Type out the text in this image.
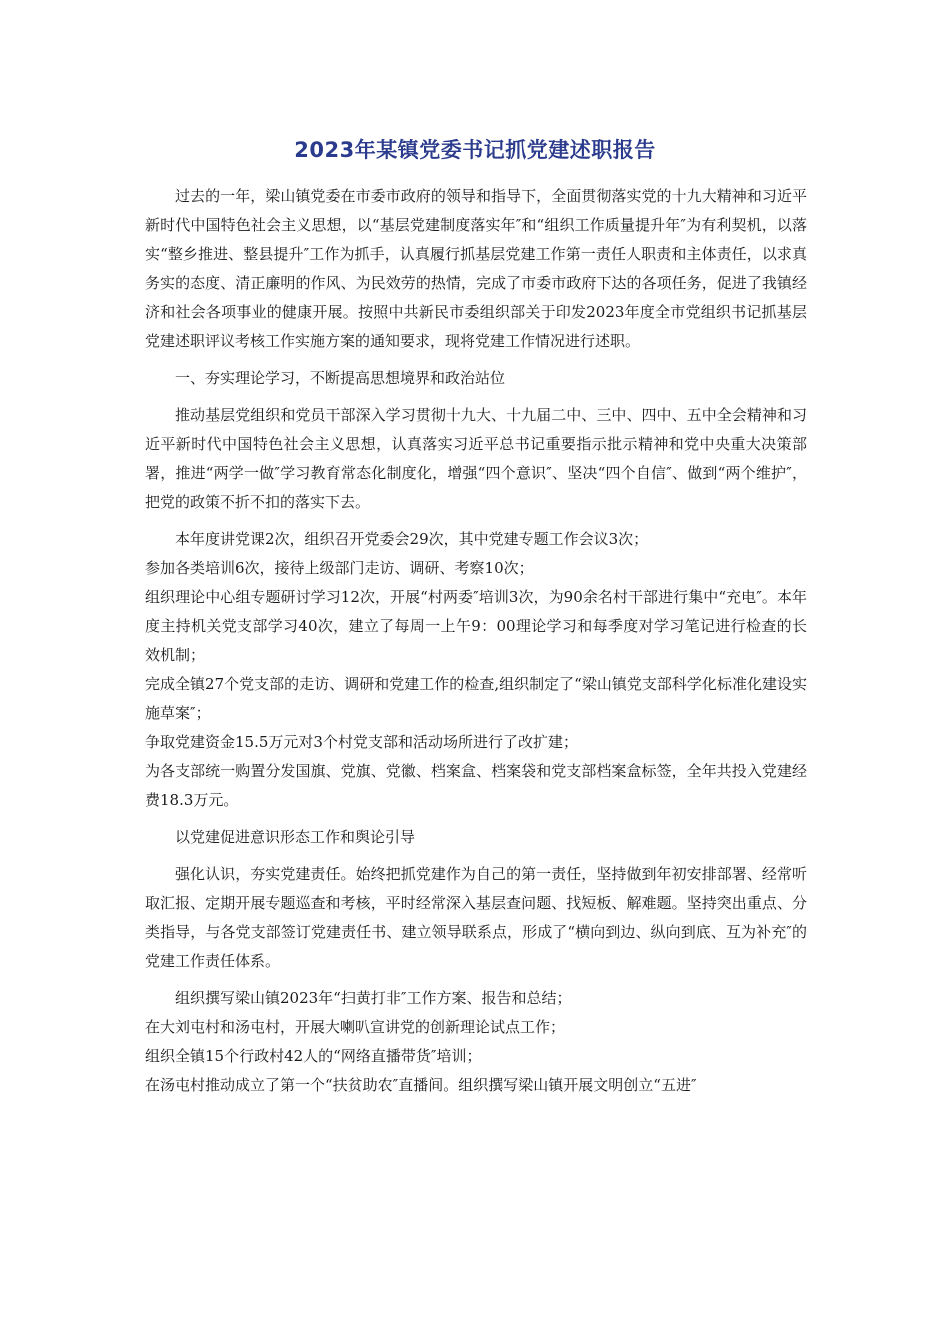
2023年某镇党委书记抓党建述职报告

过去的一年，梁山镇党委在市委市政府的领导和指导下，全面贯彻落实党的十九大精神和习近平新时代中国特色社会主义思想，以“基层党建制度落实年″和“组织工作质量提升年″为有利契机，以落实“整乡推进、整县提升″工作为抓手，认真履行抓基层党建工作第一责任人职责和主体责任，以求真务实的态度、清正廉明的作风、为民效劳的热情，完成了市委市政府下达的各项任务，促进了我镇经济和社会各项事业的健康开展。按照中共新民市委组织部关于印发2023年度全市党组织书记抓基层党建述职评议考核工作实施方案的通知要求，现将党建工作情况进行述职。

一、夯实理论学习，不断提高思想境界和政治站位

推动基层党组织和党员干部深入学习贯彻十九大、十九届二中、三中、四中、五中全会精神和习近平新时代中国特色社会主义思想，认真落实习近平总书记重要指示批示精神和党中央重大决策部署，推进“两学一做″学习教育常态化制度化，增强“四个意识″、坚决“四个自信″、做到“两个维护″，把党的政策不折不扣的落实下去。

本年度讲党课2次，组织召开党委会29次，其中党建专题工作会议3次；
参加各类培训6次，接待上级部门走访、调研、考察10次；
组织理论中心组专题研讨学习12次，开展“村两委″培训3次，为90余名村干部进行集中“充电″。本年度主持机关党支部学习40次，建立了每周一上午9：00理论学习和每季度对学习笔记进行检查的长效机制；
完成全镇27个党支部的走访、调研和党建工作的检查,组织制定了“梁山镇党支部科学化标准化建设实施草案″；
争取党建资金15.5万元对3个村党支部和活动场所进行了改扩建；
为各支部统一购置分发国旗、党旗、党徽、档案盒、档案袋和党支部档案盒标签，全年共投入党建经费18.3万元。

以党建促进意识形态工作和舆论引导

强化认识，夯实党建责任。始终把抓党建作为自己的第一责任，坚持做到年初安排部署、经常听取汇报、定期开展专题巡查和考核，平时经常深入基层查问题、找短板、解难题。坚持突出重点、分类指导，与各党支部签订党建责任书、建立领导联系点，形成了“横向到边、纵向到底、互为补充″的党建工作责任体系。

组织撰写梁山镇2023年“扫黄打非″工作方案、报告和总结；
在大刘屯村和汤屯村，开展大喇叭宣讲党的创新理论试点工作；
组织全镇15个行政村42人的“网络直播带货″培训；
在汤屯村推动成立了第一个“扶贫助农″直播间。组织撰写梁山镇开展文明创立“五进″
